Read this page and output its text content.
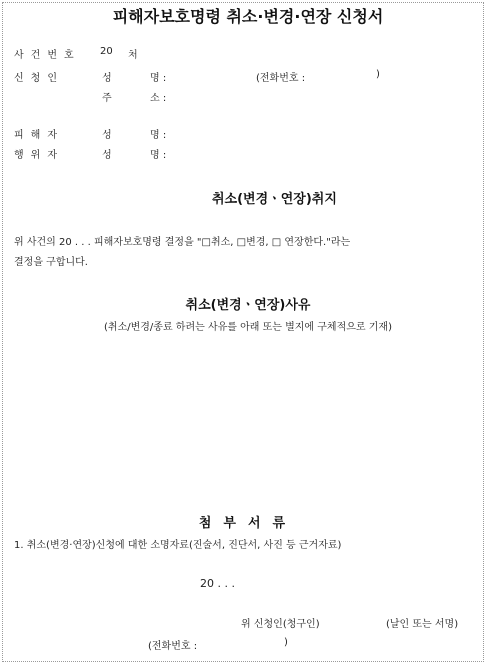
피해자보호명령 취소·변경·연장 신청서
사건번호 20 처
신청인	성	명 :	(전화번호 :	)
주	소 :
피해자	성	명 :
행위자	성	명 :
취소(변경ㆍ연장)취지
위 사건의 20 . . . 피해자보호명령 결정을 "□취소, □변경, □ 연장한다."라는
결정을 구합니다.
취소(변경ㆍ연장)사유
(취소/변경/종료 하려는 사유를 아래 또는 별지에 구체적으로 기재)
첨부서류
1. 취소(변경·연장)신청에 대한 소명자료(진술서, 진단서, 사진 등 근거자료)
20 . . .
위 신청인(청구인)	(날인 또는 서명)
(전화번호 :	)
